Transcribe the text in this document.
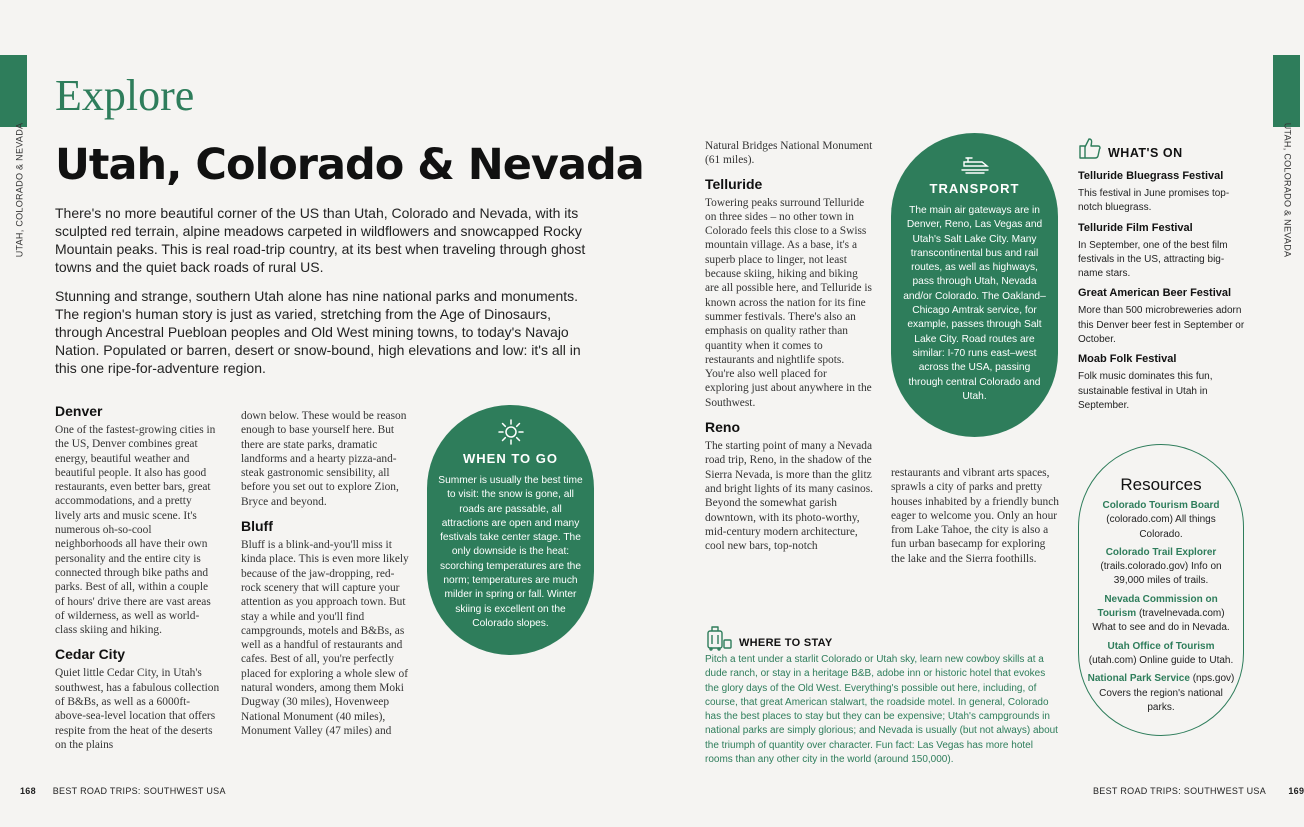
UTAH, COLORADO & NEVADA	UTAH, COLORADO & NEVADA
Explore
Utah, Colorado & Nevada

There's no more beautiful corner of the US than Utah, Colorado and Nevada, with its sculpted red terrain, alpine meadows carpeted in wildflowers and snowcapped Rocky Mountain peaks. This is real road-trip country, at its best when traveling through ghost towns and the quiet back roads of rural US.

Stunning and strange, southern Utah alone has nine national parks and monuments. The region's human story is just as varied, stretching from the Age of Dinosaurs, through Ancestral Puebloan peoples and Old West mining towns, to today's Navajo Nation. Populated or barren, desert or snow-bound, high elevations and low: it's all in this one ripe-for-adventure region.

Denver

One of the fastest-growing cities in the US, Denver combines great energy, beautiful weather and beautiful people. It also has good restaurants, even better bars, great accommodations, and a pretty lively arts and music scene. It's numerous oh-so-cool neighborhoods all have their own personality and the entire city is connected through bike paths and parks. Best of all, within a couple of hours' drive there are vast areas of wilderness, as well as world-class skiing and hiking.

Cedar City

Quiet little Cedar City, in Utah's southwest, has a fabulous collection of B&Bs, as well as a 6000ft-above-sea-level location that offers respite from the heat of the deserts on the plains

down below. These would be reason enough to base yourself here. But there are state parks, dramatic landforms and a hearty pizza-and-steak gastronomic sensibility, all before you set out to explore Zion, Bryce and beyond.

Bluff

Bluff is a blink-and-you'll miss it kinda place. This is even more likely because of the jaw-dropping, red-rock scenery that will capture your attention as you approach town. But stay a while and you'll find campgrounds, motels and B&Bs, as well as a handful of restaurants and cafes. Best of all, you're perfectly placed for exploring a whole slew of natural wonders, among them Moki Dugway (30 miles), Hovenweep National Monument (40 miles), Monument Valley (47 miles) and

WHEN TO GO
Summer is usually the best time to visit: the snow is gone, all roads are passable, all attractions are open and many festivals take center stage. The only downside is the heat: scorching temperatures are the norm; temperatures are much milder in spring or fall. Winter skiing is excellent on the Colorado slopes.

Natural Bridges National Monument (61 miles).

Telluride

Towering peaks surround Telluride on three sides – no other town in Colorado feels this close to a Swiss mountain village. As a base, it's a superb place to linger, not least because skiing, hiking and biking are all possible here, and Telluride is known across the nation for its fine summer festivals. There's also an emphasis on quality rather than quantity when it comes to restaurants and nightlife spots. You're also well placed for exploring just about anywhere in the Southwest.

Reno

The starting point of many a Nevada road trip, Reno, in the shadow of the Sierra Nevada, is more than the glitz and bright lights of its many casinos. Beyond the somewhat garish downtown, with its photo-worthy, mid-century modern architecture, cool new bars, top-notch

restaurants and vibrant arts spaces, sprawls a city of parks and pretty houses inhabited by a friendly bunch eager to welcome you. Only an hour from Lake Tahoe, the city is also a fun urban basecamp for exploring the lake and the Sierra foothills.

TRANSPORT
The main air gateways are in Denver, Reno, Las Vegas and Utah's Salt Lake City. Many transcontinental bus and rail routes, as well as highways, pass through Utah, Nevada and/or Colorado. The Oakland–Chicago Amtrak service, for example, passes through Salt Lake City. Road routes are similar: I-70 runs east–west across the USA, passing through central Colorado and Utah.
WHAT'S ON
Telluride Bluegrass Festival
This festival in June promises top-notch bluegrass.
Telluride Film Festival
In September, one of the best film festivals in the US, attracting big-name stars.
Great American Beer Festival
More than 500 microbreweries adorn this Denver beer fest in September or October.
Moab Folk Festival
Folk music dominates this fun, sustainable festival in Utah in September.
WHERE TO STAY

Pitch a tent under a starlit Colorado or Utah sky, learn new cowboy skills at a dude ranch, or stay in a heritage B&B, adobe inn or historic hotel that evokes the glory days of the Old West. Everything's possible out here, including, of course, that great American stalwart, the roadside motel. In general, Colorado has the best places to stay but they can be expensive; Utah's campgrounds in national parks are simply glorious; and Nevada is usually (but not always) about the triumph of quantity over character. Fun fact: Las Vegas has more hotel rooms than any other city in the world (around 150,000).

Resources
Colorado Tourism Board (colorado.com) All things Colorado.
Colorado Trail Explorer (trails.colorado.gov) Info on 39,000 miles of trails.
Nevada Commission on Tourism (travelnevada.com) What to see and do in Nevada.
Utah Office of Tourism (utah.com) Online guide to Utah.
National Park Service (nps.gov) Covers the region's national parks.
168 BEST ROAD TRIPS: SOUTHWEST USA	BEST ROAD TRIPS: SOUTHWEST USA	169
